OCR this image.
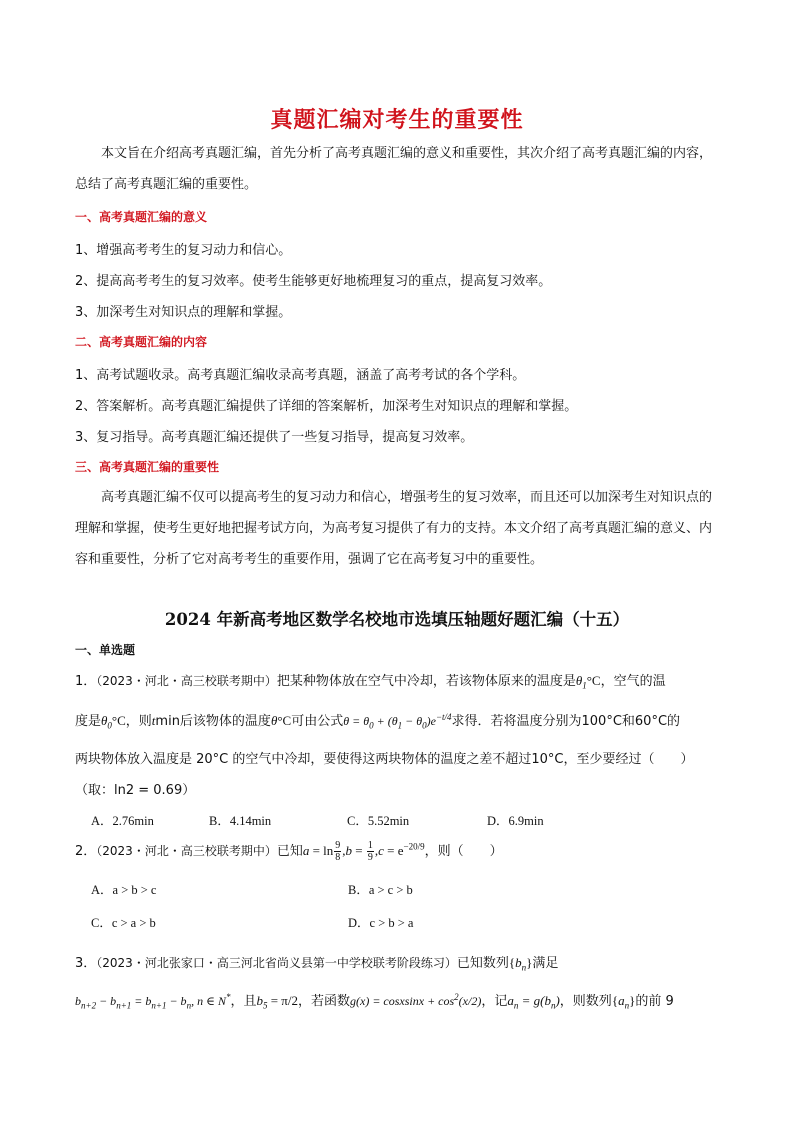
真题汇编对考生的重要性
本文旨在介绍高考真题汇编，首先分析了高考真题汇编的意义和重要性，其次介绍了高考真题汇编的内容，总结了高考真题汇编的重要性。
一、高考真题汇编的意义
1、增强高考考生的复习动力和信心。
2、提高高考考生的复习效率。使考生能够更好地梳理复习的重点，提高复习效率。
3、加深考生对知识点的理解和掌握。
二、高考真题汇编的内容
1、高考试题收录。高考真题汇编收录高考真题，涵盖了高考考试的各个学科。
2、答案解析。高考真题汇编提供了详细的答案解析，加深考生对知识点的理解和掌握。
3、复习指导。高考真题汇编还提供了一些复习指导，提高复习效率。
三、高考真题汇编的重要性
高考真题汇编不仅可以提高考生的复习动力和信心，增强考生的复习效率，而且还可以加深考生对知识点的理解和掌握，使考生更好地把握考试方向，为高考复习提供了有力的支持。本文介绍了高考真题汇编的意义、内容和重要性，分析了它对高考考生的重要作用，强调了它在高考复习中的重要性。
2024 年新高考地区数学名校地市选填压轴题好题汇编（十五）
一、单选题
1．（2023・河北・高三校联考期中）把某种物体放在空气中冷却，若该物体原来的温度是$\theta_1^\circ C$，空气的温
度是$\theta_0^\circ C$，则tmin后该物体的温度θ°C可由公式$\theta = \theta_0 + (\theta_1 - \theta_0)e^{-t/4}$求得．若将温度分别为100°C和60°C的
两块物体放入温度是 20°C 的空气中冷却，要使得这两块物体的温度之差不超过10°C，至少要经过（　　）
（取：ln2 = 0.69）
A．2.76min	B．4.14min	C．5.52min	D．6.9min
2．（2023・河北・高三校联考期中）已知$a = \ln \frac{9}{8} ,b = \frac{1}{9} ,c = e^{-20/9}$，则（　　）
A．a > b > c	B．a > c > b
C．c > a > b	D．c > b > a
3．（2023・河北张家口・高三河北省尚义县第一中学校联考阶段练习）已知数列$\{b_n\}$满足
$b_{n+2} - b_{n+1} = b_{n+1} - b_n$, n ∈ N*，且$b_5 = \pi/2$，若函数g(x) = cosxsinx + $\cos^2(x/2)$，记$a_n = g(b_n)$，则数列$\{a_n\}$的前 9
